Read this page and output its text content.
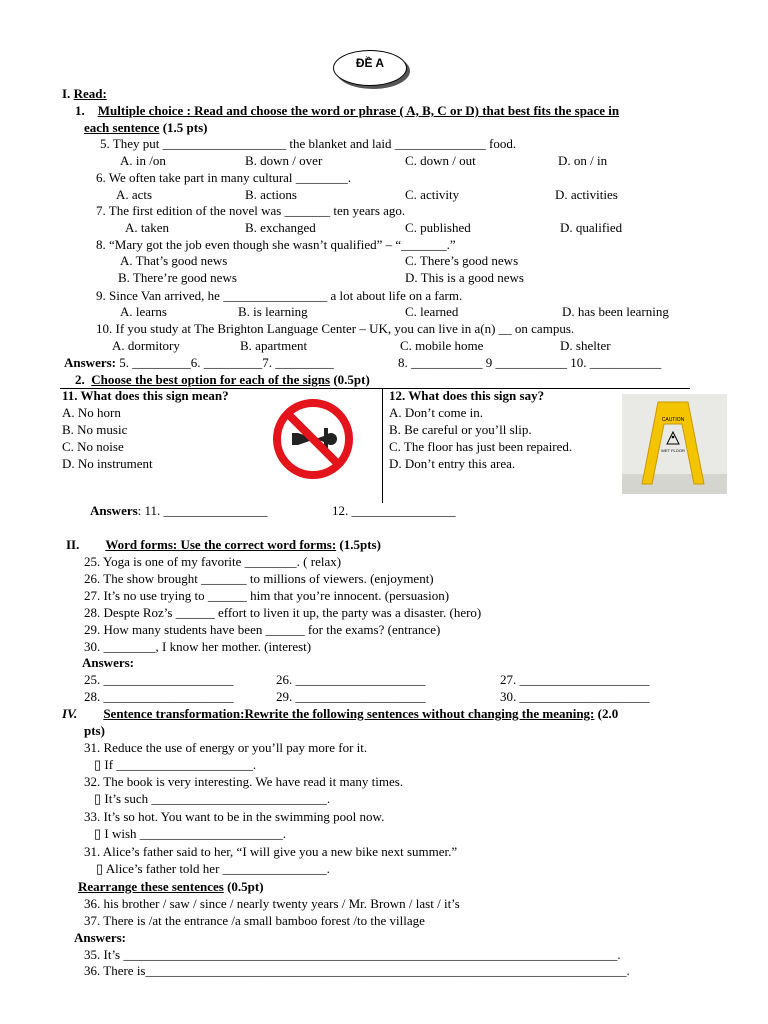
ĐỀ A
I. Read:
1. Multiple choice : Read and choose the word or phrase ( A, B, C or D) that best fits the space in
each sentence (1.5 pts)
5. They put ___________________ the blanket and laid ______________ food.
A. in /on	B. down / over	C. down / out	D. on / in
6. We often take part in many cultural ________.
A. acts	B. actions	C. activity	D. activities
7. The first edition of the novel was _______ ten years ago.
A. taken	B. exchanged	C. published	D. qualified
8. “Mary got the job even though she wasn’t qualified” – “_______.”
A. That’s good news	C. There’s good news
B. There’re good news	D. This is a good news
9. Since Van arrived, he ________________ a lot about life on a farm.
A. learns	B. is learning	C. learned	D. has been learning
10. If you study at The Brighton Language Center – UK, you can live in a(n) __ on campus.
A. dormitory	B. apartment	C. mobile home	D. shelter
Answers: 5. _________6. _________7. _________	8. ___________ 9 ___________ 10. ___________
2. Choose the best option for each of the signs (0.5pt)
11. What does this sign mean?
A. No horn
B. No music
C. No noise
D. No instrument
12. What does this sign say?
A. Don’t come in.
B. Be careful or you’ll slip.
C. The floor has just been repaired.
D. Don’t entry this area.
CAUTION
WET FLOOR
Answers: 11. ________________	12. ________________
II. Word forms: Use the correct word forms: (1.5pts)
25. Yoga is one of my favorite ________. ( relax)
26. The show brought _______ to millions of viewers. (enjoyment)
27. It’s no use trying to ______ him that you’re innocent. (persuasion)
28. Despte Roz’s ______ effort to liven it up, the party was a disaster. (hero)
29. How many students have been ______ for the exams? (entrance)
30. ________, I know her mother. (interest)
Answers:
25. ____________________	26. ____________________	27. ____________________
28. ____________________	29. ____________________	30. ____________________
IV. Sentence transformation:Rewrite the following sentences without changing the meaning: (2.0
pts)
31. Reduce the use of energy or you’ll pay more for it.
▯ If _____________________.
32. The book is very interesting. We have read it many times.
▯ It’s such ___________________________.
33. It’s so hot. You want to be in the swimming pool now.
▯ I wish ______________________.
31. Alice’s father said to her, “I will give you a new bike next summer.”
▯ Alice’s father told her ________________.
Rearrange these sentences (0.5pt)
36. his brother / saw / since / nearly twenty years / Mr. Brown / last / it’s
37. There is /at the entrance /a small bamboo forest /to the village
Answers:
35. It’s ____________________________________________________________________________.
36. There is__________________________________________________________________________.
